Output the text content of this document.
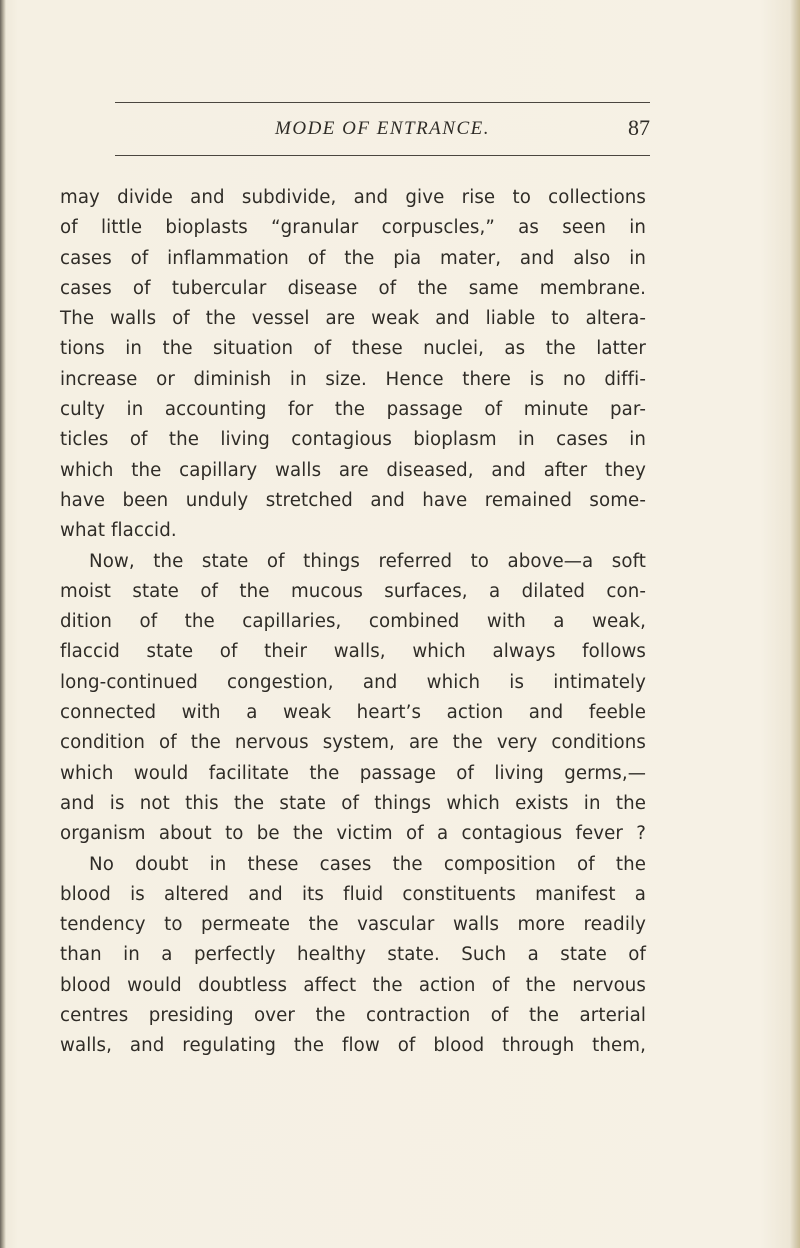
MODE OF ENTRANCE.	87
may divide and subdivide, and give rise to collections
of little bioplasts “granular corpuscles,” as seen in
cases of inflammation of the pia mater, and also in
cases of tubercular disease of the same membrane.
The walls of the vessel are weak and liable to altera-
tions in the situation of these nuclei, as the latter
increase or diminish in size. Hence there is no diffi-
culty in accounting for the passage of minute par-
ticles of the living contagious bioplasm in cases in
which the capillary walls are diseased, and after they
have been unduly stretched and have remained some-
what flaccid.
Now, the state of things referred to above—a soft
moist state of the mucous surfaces, a dilated con-
dition of the capillaries, combined with a weak,
flaccid state of their walls, which always follows
long-continued congestion, and which is intimately
connected with a weak heart’s action and feeble
condition of the nervous system, are the very conditions
which would facilitate the passage of living germs,—
and is not this the state of things which exists in the
organism about to be the victim of a contagious fever ?
No doubt in these cases the composition of the
blood is altered and its fluid constituents manifest a
tendency to permeate the vascular walls more readily
than in a perfectly healthy state. Such a state of
blood would doubtless affect the action of the nervous
centres presiding over the contraction of the arterial
walls, and regulating the flow of blood through them,
